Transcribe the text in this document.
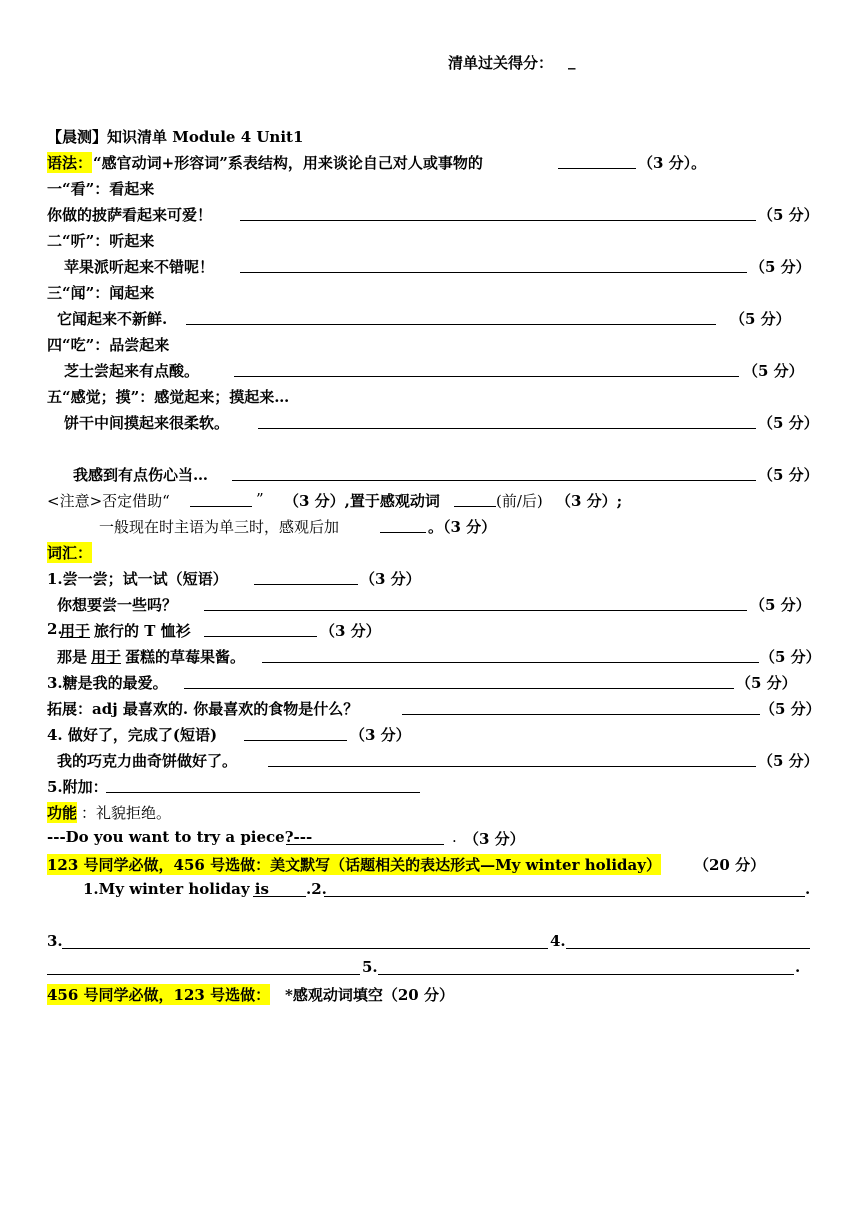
清单过关得分： _
【晨测】知识清单 Module 4 Unit1
语法： “感官动词+形容词”系表结构，用来谈论自己对人或事物的	（3 分）。
一“看”：看起来
你做的披萨看起来可爱！	（5 分）
二“听”：听起来
苹果派听起来不错呢！	（5 分）
三“闻”：闻起来
它闻起来不新鲜.	（5 分）
四“吃”：品尝起来
芝士尝起来有点酸。	（5 分）
五“感觉；摸”：感觉起来；摸起来…
饼干中间摸起来很柔软。	（5 分）
我感到有点伤心当…	（5 分）
<注意>否定借助“	” （3 分）,置于感观动词	(前/后) （3 分）;
一般现在时主语为单三时，感观后加	。（3 分）
词汇：
1.尝一尝；试一试（短语）	（3 分）
你想要尝一些吗？	（5 分）
2.
用于 旅行的 T 恤衫	（3 分）
那是 用于 蛋糕的草莓果酱。	（5 分）
3.糖是我的最爱。	（5 分）
拓展：adj 最喜欢的. 你最喜欢的食物是什么？	（5 分）
4. 做好了，完成了(短语)	（3 分）
我的巧克力曲奇饼做好了。	（5 分）
5.附加：
功能 ：礼貌拒绝。
---Do you want to try a piece?---	. （3 分）
123 号同学必做，456 号选做：美文默写（话题相关的表达形式—My winter holiday） （20 分）
1.My winter holiday is .2.	.
3.	4.
5.	.
456 号同学必做，123 号选做： *感观动词填空（20 分）
